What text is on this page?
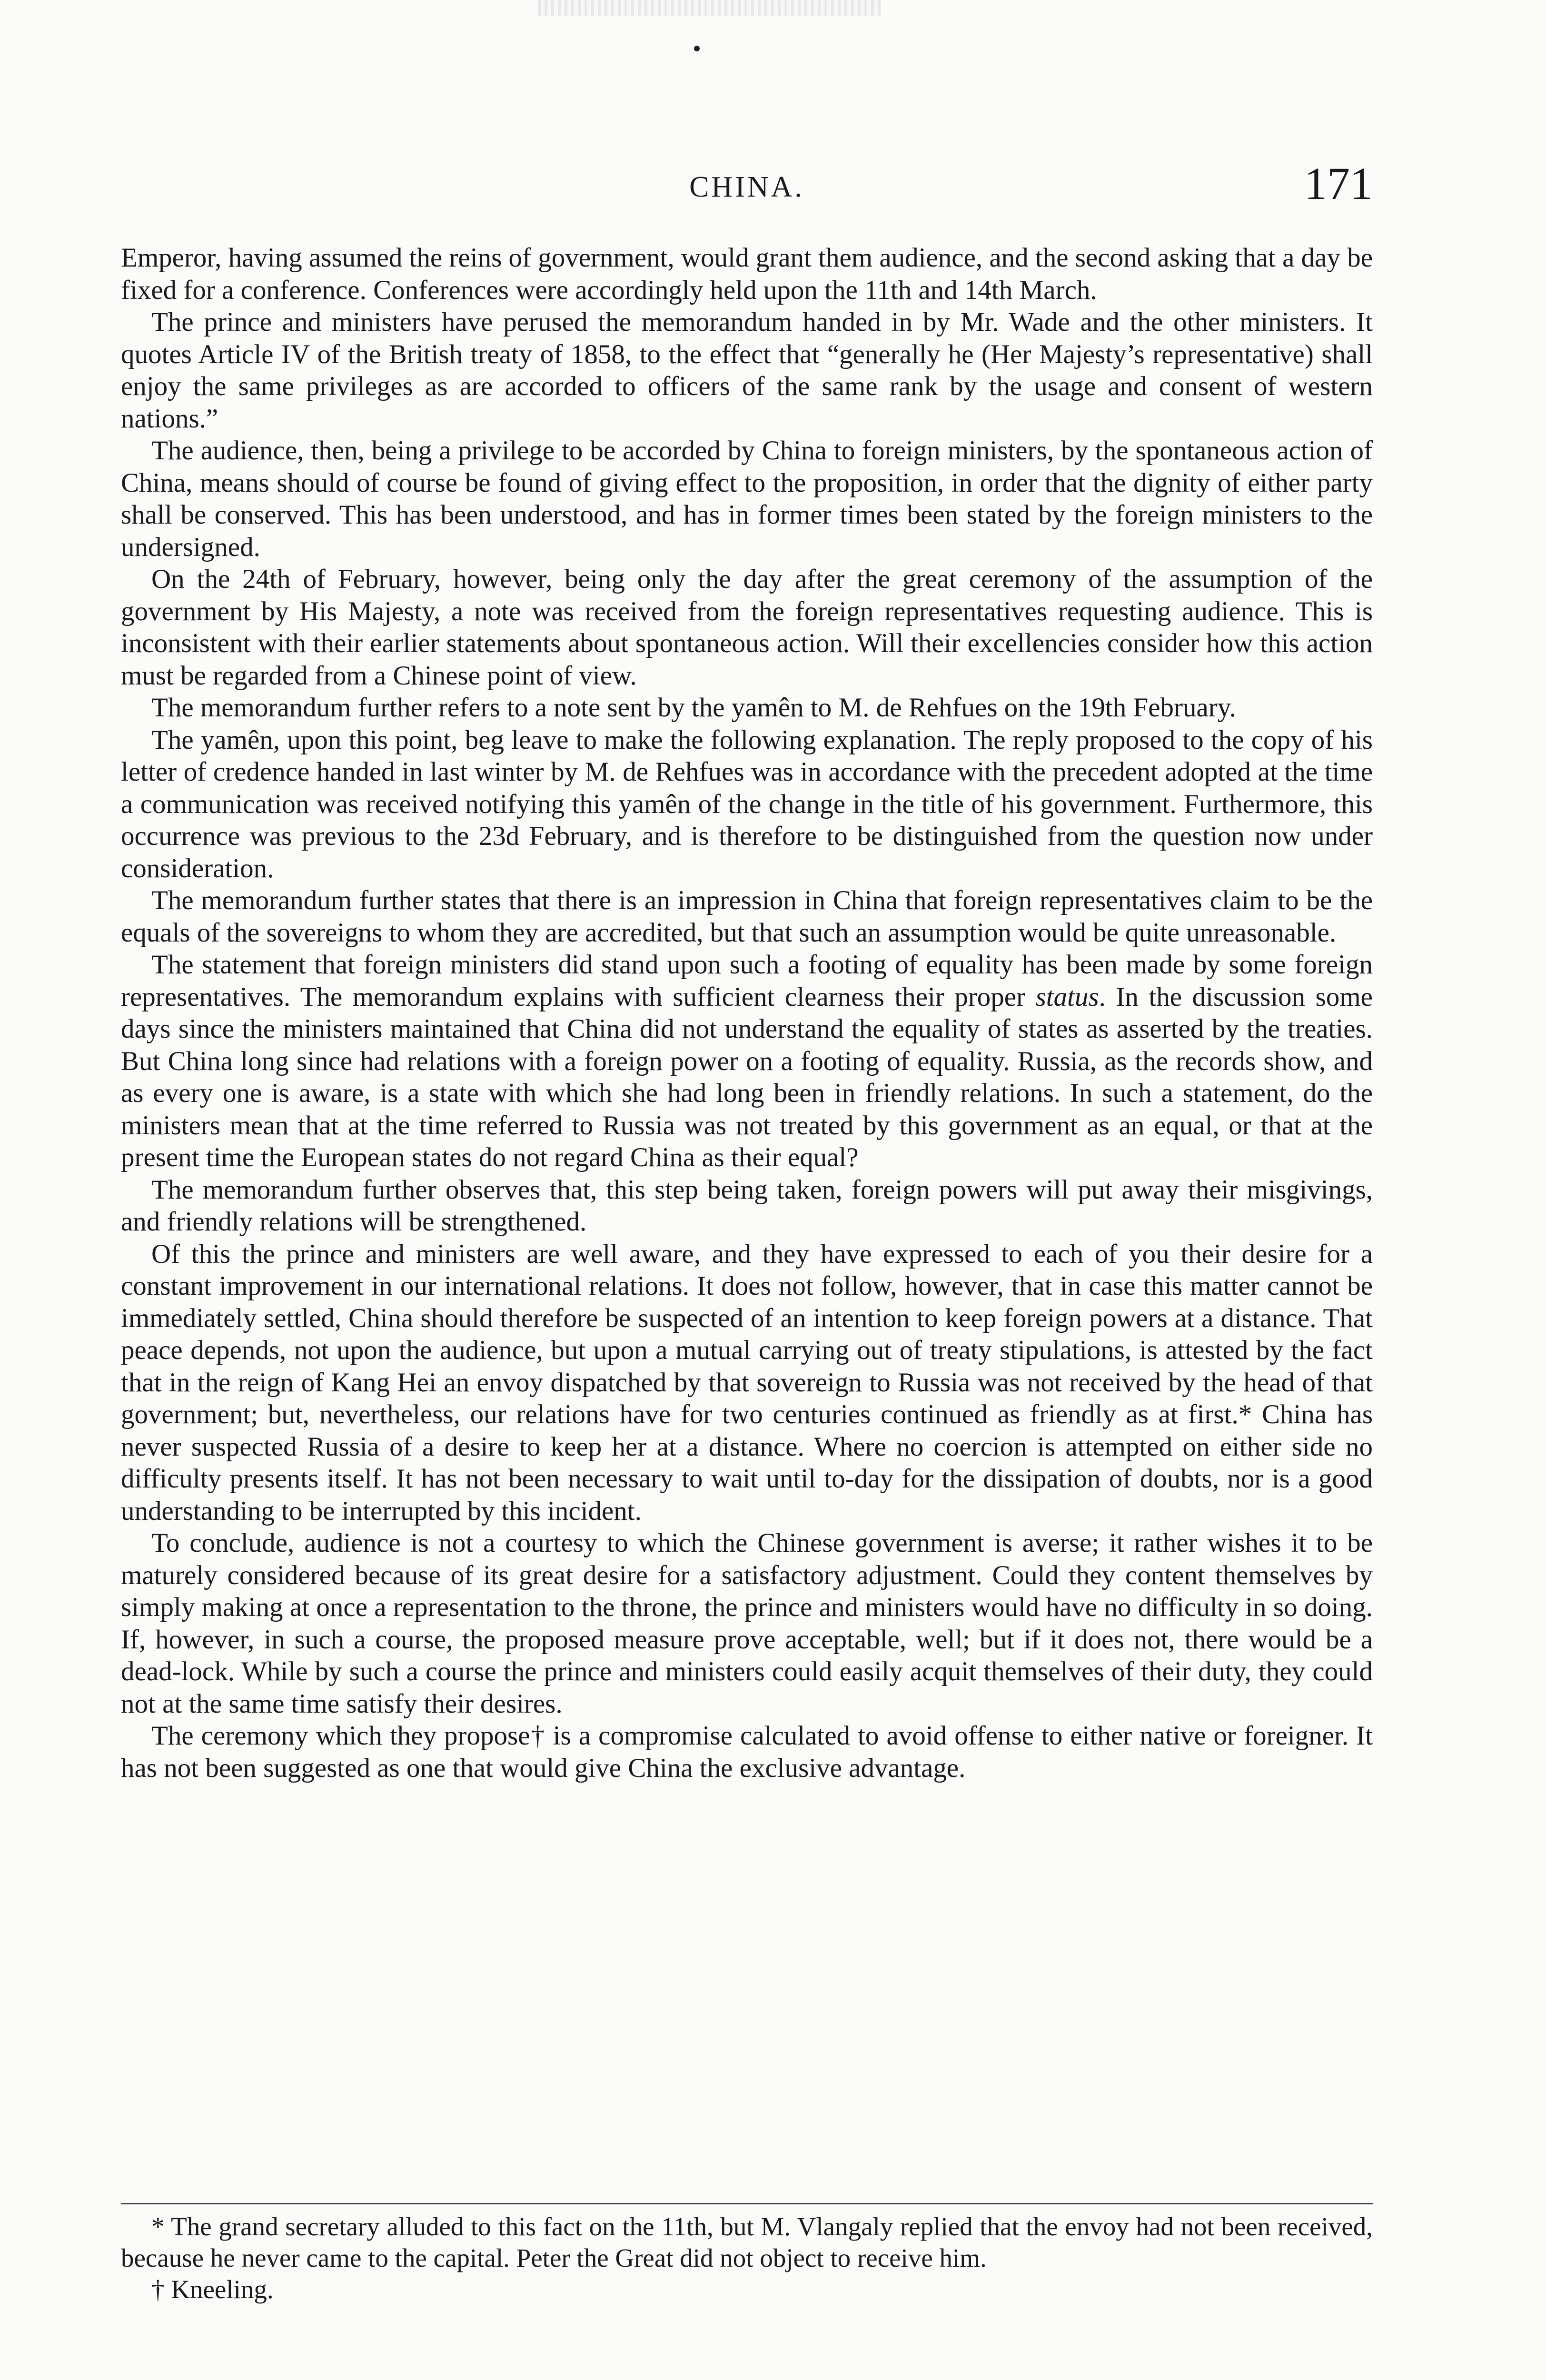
CHINA.	171

Emperor, having assumed the reins of government, would grant them audience, and the second asking that a day be fixed for a conference. Conferences were accordingly held upon the 11th and 14th March.

The prince and ministers have perused the memorandum handed in by Mr. Wade and the other ministers. It quotes Article IV of the British treaty of 1858, to the effect that “generally he (Her Majesty’s representative) shall enjoy the same privileges as are accorded to officers of the same rank by the usage and consent of western nations.”

The audience, then, being a privilege to be accorded by China to foreign ministers, by the spontaneous action of China, means should of course be found of giving effect to the proposition, in order that the dignity of either party shall be conserved. This has been understood, and has in former times been stated by the foreign ministers to the undersigned.

On the 24th of February, however, being only the day after the great ceremony of the assumption of the government by His Majesty, a note was received from the foreign representatives requesting audience. This is inconsistent with their earlier statements about spontaneous action. Will their excellencies consider how this action must be regarded from a Chinese point of view.

The memorandum further refers to a note sent by the yamên to M. de Rehfues on the 19th February.

The yamên, upon this point, beg leave to make the following explanation. The reply proposed to the copy of his letter of credence handed in last winter by M. de Rehfues was in accordance with the precedent adopted at the time a communication was received notifying this yamên of the change in the title of his government. Furthermore, this occurrence was previous to the 23d February, and is therefore to be distinguished from the question now under consideration.

The memorandum further states that there is an impression in China that foreign representatives claim to be the equals of the sovereigns to whom they are accredited, but that such an assumption would be quite unreasonable.

The statement that foreign ministers did stand upon such a footing of equality has been made by some foreign representatives. The memorandum explains with sufficient clearness their proper status. In the discussion some days since the ministers maintained that China did not understand the equality of states as asserted by the treaties. But China long since had relations with a foreign power on a footing of equality. Russia, as the records show, and as every one is aware, is a state with which she had long been in friendly relations. In such a statement, do the ministers mean that at the time referred to Russia was not treated by this government as an equal, or that at the present time the European states do not regard China as their equal?

The memorandum further observes that, this step being taken, foreign powers will put away their misgivings, and friendly relations will be strengthened.

Of this the prince and ministers are well aware, and they have expressed to each of you their desire for a constant improvement in our international relations. It does not follow, however, that in case this matter cannot be immediately settled, China should therefore be suspected of an intention to keep foreign powers at a distance. That peace depends, not upon the audience, but upon a mutual carrying out of treaty stipulations, is attested by the fact that in the reign of Kang Hei an envoy dispatched by that sovereign to Russia was not received by the head of that government; but, nevertheless, our relations have for two centuries continued as friendly as at first.* China has never suspected Russia of a desire to keep her at a distance. Where no coercion is attempted on either side no difficulty presents itself. It has not been necessary to wait until to-day for the dissipation of doubts, nor is a good understanding to be interrupted by this incident.

To conclude, audience is not a courtesy to which the Chinese government is averse; it rather wishes it to be maturely considered because of its great desire for a satisfactory adjustment. Could they content themselves by simply making at once a representation to the throne, the prince and ministers would have no difficulty in so doing. If, however, in such a course, the proposed measure prove acceptable, well; but if it does not, there would be a dead-lock. While by such a course the prince and ministers could easily acquit themselves of their duty, they could not at the same time satisfy their desires.

The ceremony which they propose† is a compromise calculated to avoid offense to either native or foreigner. It has not been suggested as one that would give China the exclusive advantage.

* The grand secretary alluded to this fact on the 11th, but M. Vlangaly replied that the envoy had not been received, because he never came to the capital. Peter the Great did not object to receive him.

† Kneeling.
